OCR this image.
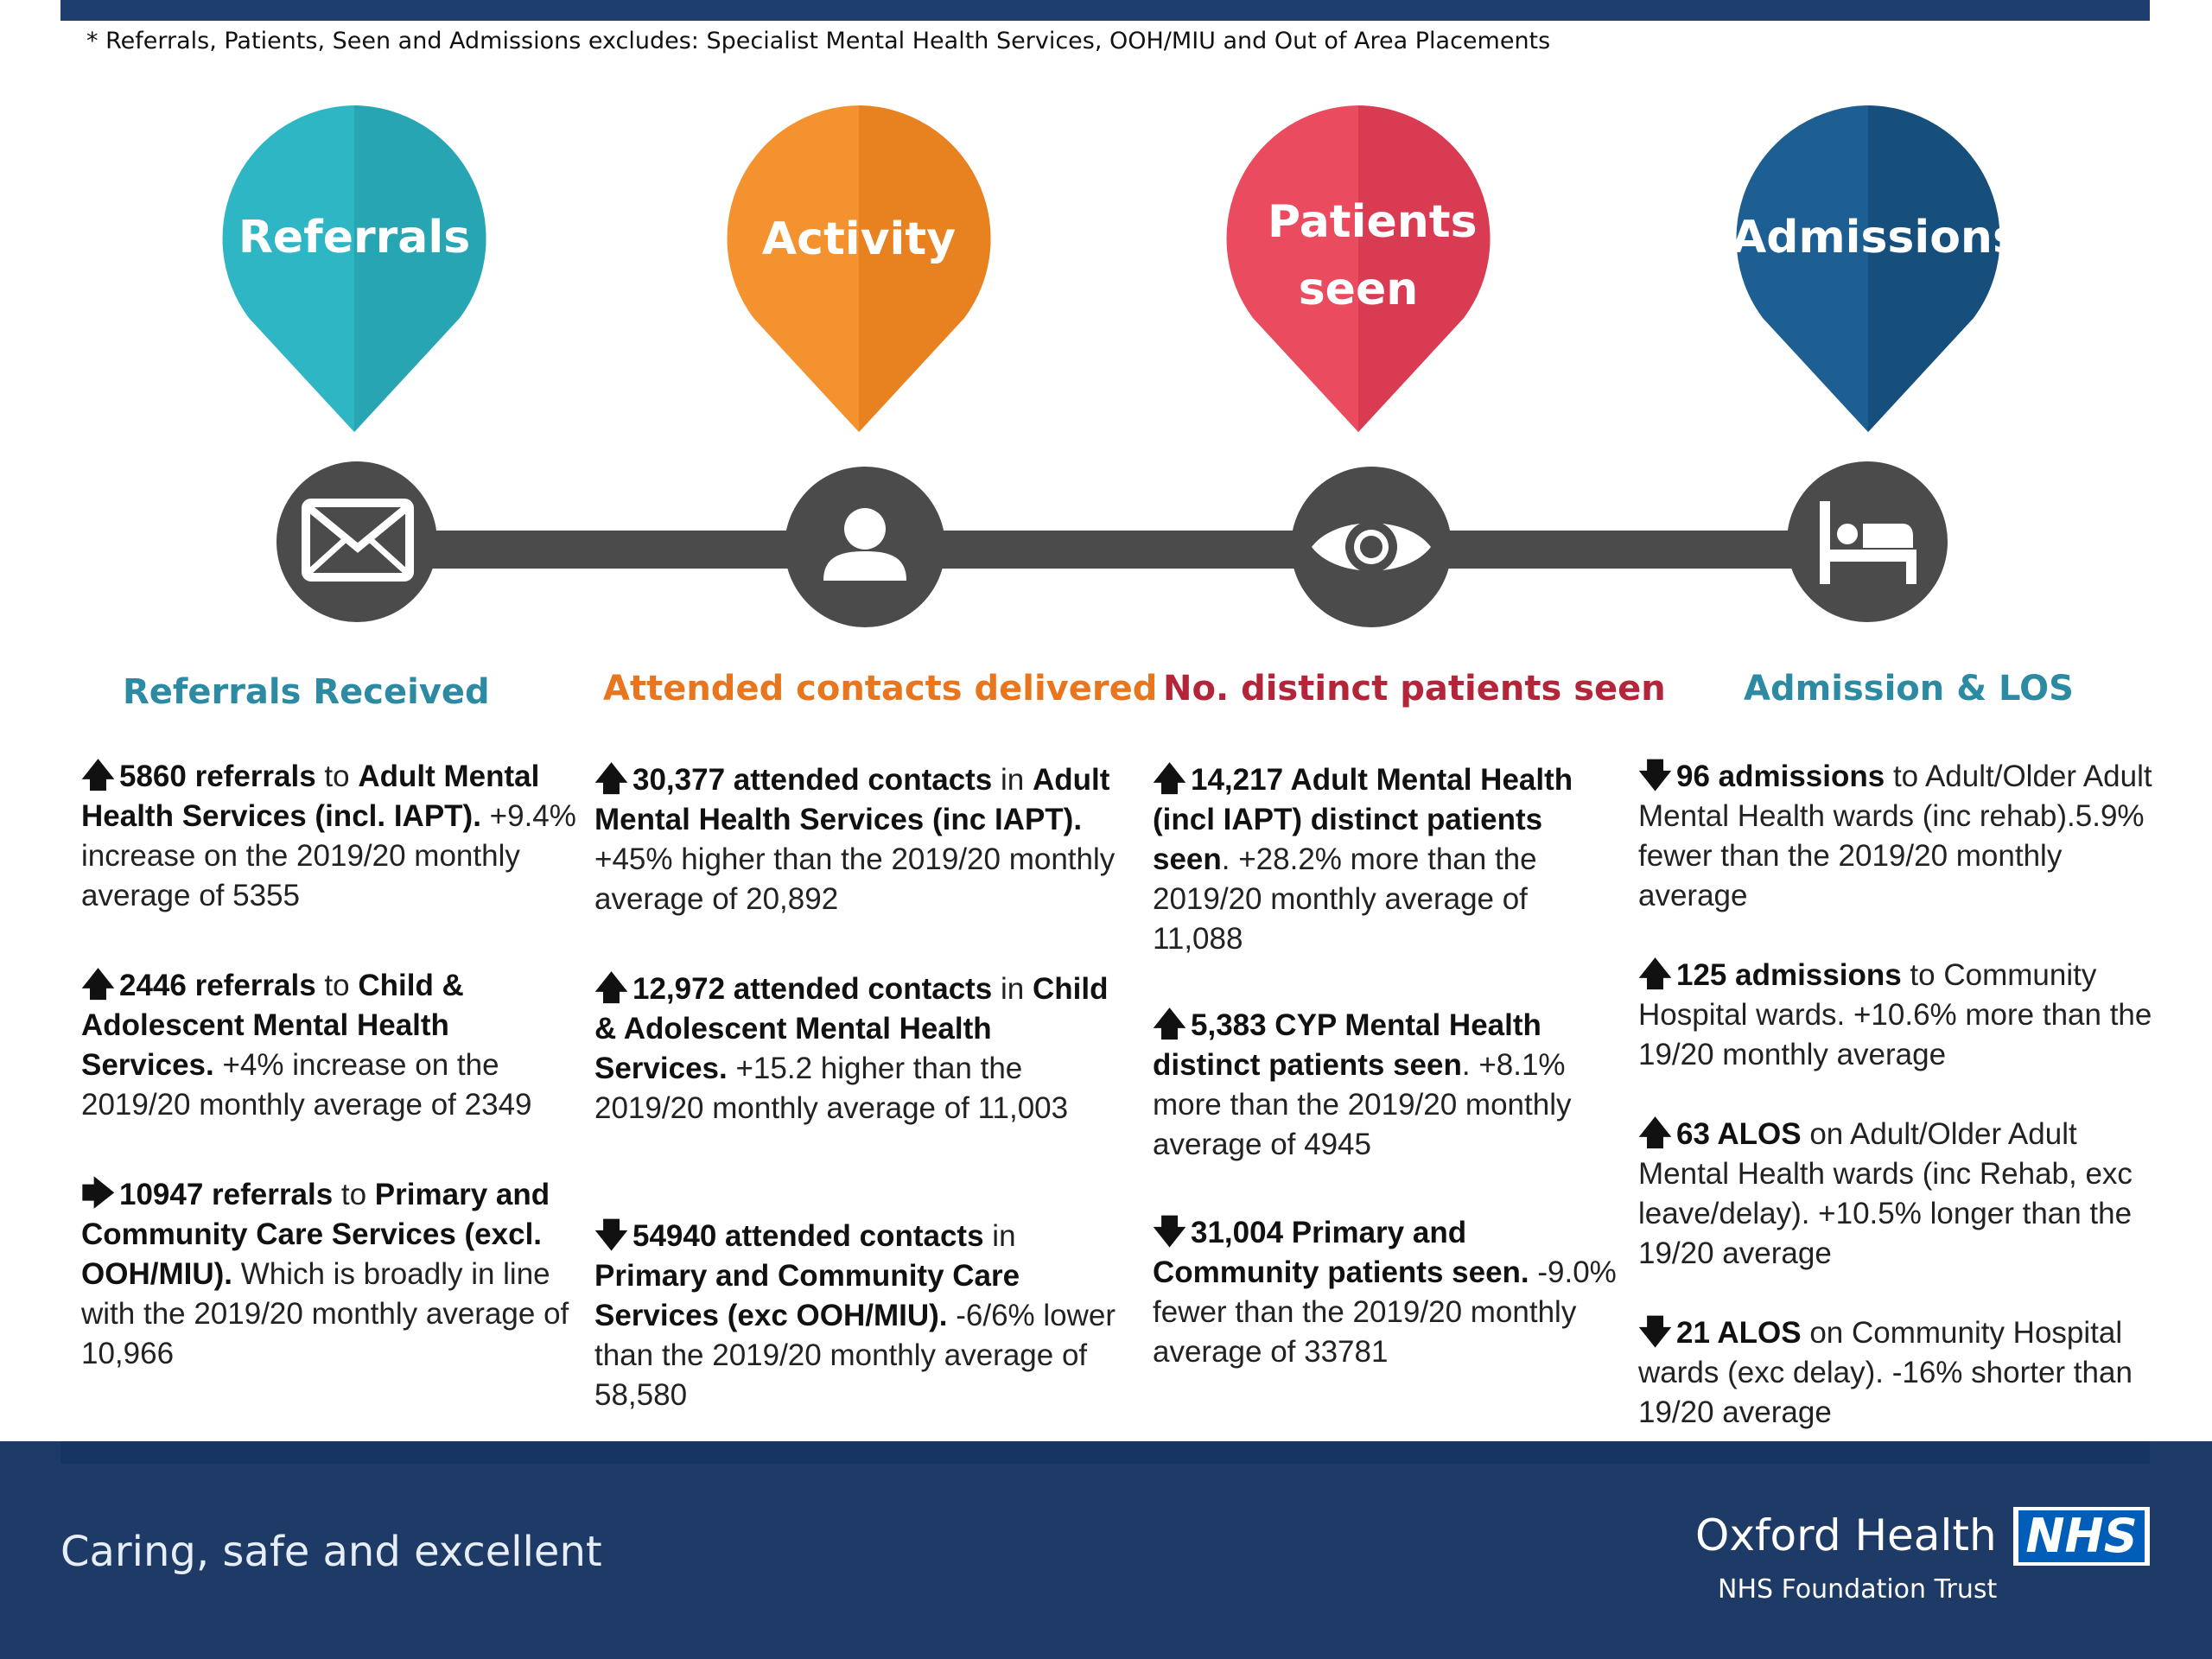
* Referrals, Patients, Seen and Admissions excludes: Specialist Mental Health Services, OOH/MIU and Out of Area Placements
Referrals	Activity	Patients seen
Admissions
Referrals Received
🡅 5860 referrals to Adult Mental Health Services (incl. IAPT). +9.4% increase on the 2019/20 monthly average of 5355
🡅 2446 referrals to Child & Adolescent Mental Health Services. +4% increase on the 2019/20 monthly average of 2349
🡆 10947 referrals to Primary and Community Care Services (excl. OOH/MIU). Which is broadly in line with the 2019/20 monthly average of 10,966
Attended contacts delivered
🡅 30,377 attended contacts in Adult Mental Health Services (inc IAPT). +45% higher than the 2019/20 monthly average of 20,892
🡅 12,972 attended contacts in Child & Adolescent Mental Health Services. +15.2 higher than the 2019/20 monthly average of 11,003
🡇 54940 attended contacts in Primary and Community Care Services (exc OOH/MIU). -6/6% lower than the 2019/20 monthly average of 58,580
No. distinct patients seen
🡅 14,217 Adult Mental Health (incl IAPT) distinct patients seen. +28.2% more than the 2019/20 monthly average of 11,088
🡅 5,383 CYP Mental Health distinct patients seen. +8.1% more than the 2019/20 monthly average of 4945
🡇 31,004 Primary and Community patients seen. -9.0% fewer than the 2019/20 monthly average of 33781
Admission & LOS
🡇 96 admissions to Adult/Older Adult Mental Health wards (inc rehab).5.9% fewer than the 2019/20 monthly average
🡅 125 admissions to Community Hospital wards. +10.6% more than the 19/20 monthly average
🡅 63 ALOS on Adult/Older Adult Mental Health wards (inc Rehab, exc leave/delay). +10.5% longer than the 19/20 average
🡇 21 ALOS on Community Hospital wards (exc delay). -16% shorter than 19/20 average
Caring, safe and excellent	Oxford Health
NHS Foundation Trust
NHS
